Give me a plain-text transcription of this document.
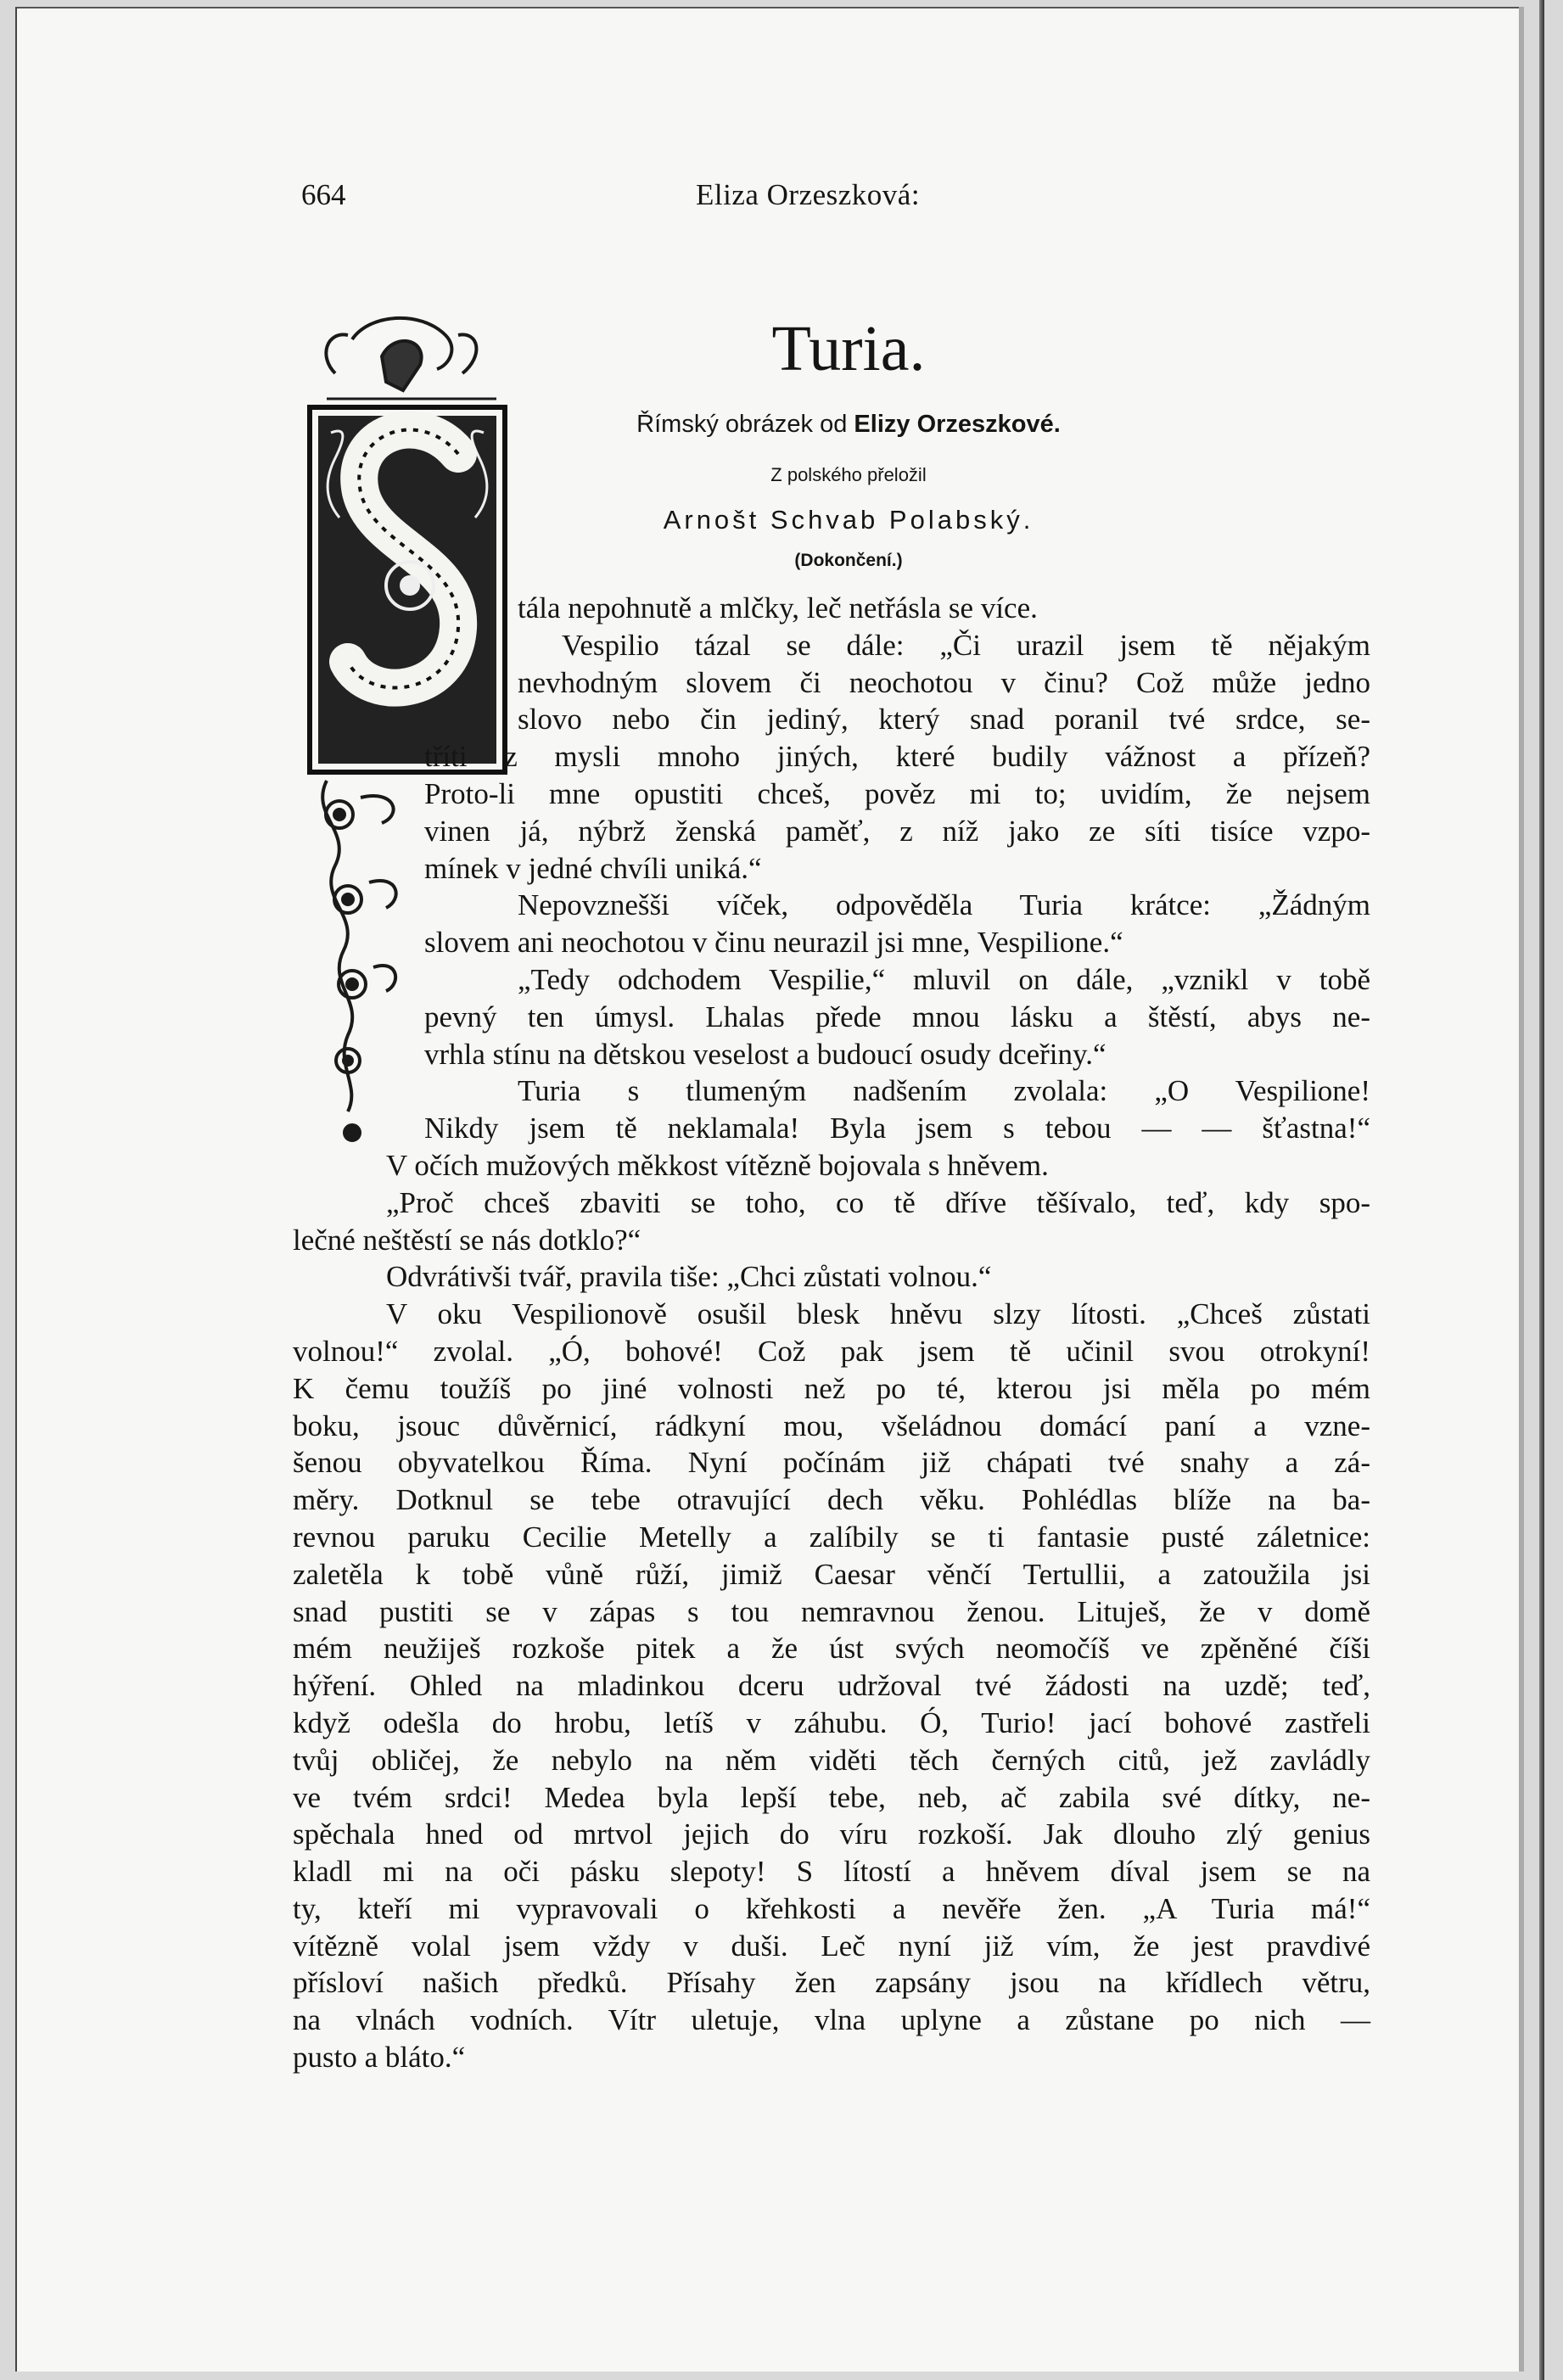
664	Eliza Orzeszková:
Turia.
Římský obrázek od Elizy Orzeszkové.
Z polského přeložil
Arnošt Schvab Polabský.
(Dokončení.)
tála nepohnutě a mlčky, leč netřásla se více.
Vespilio tázal se dále: „Či urazil jsem tě nějakým
nevhodným slovem či neochotou v činu? Což může jedno
slovo nebo čin jediný, který snad poranil tvé srdce, se-
tříti z mysli mnoho jiných, které budily vážnost a přízeň?
Proto-li mne opustiti chceš, pověz mi to; uvidím, že nejsem
vinen já, nýbrž ženská paměť, z níž jako ze síti tisíce vzpo-
mínek v jedné chvíli uniká.“
Nepovznešši víček, odpověděla Turia krátce: „Žádným
slovem ani neochotou v činu neurazil jsi mne, Vespilione.“
„Tedy odchodem Vespilie,“ mluvil on dále, „vznikl v tobě
pevný ten úmysl. Lhalas přede mnou lásku a štěstí, abys ne-
vrhla stínu na dětskou veselost a budoucí osudy dceřiny.“
Turia s tlumeným nadšením zvolala: „O Vespilione!
Nikdy jsem tě neklamala! Byla jsem s tebou — — šťastna!“
V očích mužových měkkost vítězně bojovala s hněvem.
„Proč chceš zbaviti se toho, co tě dříve těšívalo, teď, kdy spo-
lečné neštěstí se nás dotklo?“
Odvrátivši tvář, pravila tiše: „Chci zůstati volnou.“
V oku Vespilionově osušil blesk hněvu slzy lítosti. „Chceš zůstati
volnou!“ zvolal. „Ó, bohové! Což pak jsem tě učinil svou otrokyní!
K čemu toužíš po jiné volnosti než po té, kterou jsi měla po mém
boku, jsouc důvěrnicí, rádkyní mou, všeládnou domácí paní a vzne-
šenou obyvatelkou Říma. Nyní počínám již chápati tvé snahy a zá-
měry. Dotknul se tebe otravující dech věku. Pohlédlas blíže na ba-
revnou paruku Cecilie Metelly a zalíbily se ti fantasie pusté záletnice:
zaletěla k tobě vůně růží, jimiž Caesar věnčí Tertullii, a zatoužila jsi
snad pustiti se v zápas s tou nemravnou ženou. Lituješ, že v domě
mém neužiješ rozkoše pitek a že úst svých neomočíš ve zpěněné číši
hýření. Ohled na mladinkou dceru udržoval tvé žádosti na uzdě; teď,
když odešla do hrobu, letíš v záhubu. Ó, Turio! jací bohové zastřeli
tvůj obličej, že nebylo na něm viděti těch černých citů, jež zavládly
ve tvém srdci! Medea byla lepší tebe, neb, ač zabila své dítky, ne-
spěchala hned od mrtvol jejich do víru rozkoší. Jak dlouho zlý genius
kladl mi na oči pásku slepoty! S lítostí a hněvem díval jsem se na
ty, kteří mi vypravovali o křehkosti a nevěře žen. „A Turia má!“
vítězně volal jsem vždy v duši. Leč nyní již vím, že jest pravdivé
přísloví našich předků. Přísahy žen zapsány jsou na křídlech větru,
na vlnách vodních. Vítr uletuje, vlna uplyne a zůstane po nich —
pusto a bláto.“
